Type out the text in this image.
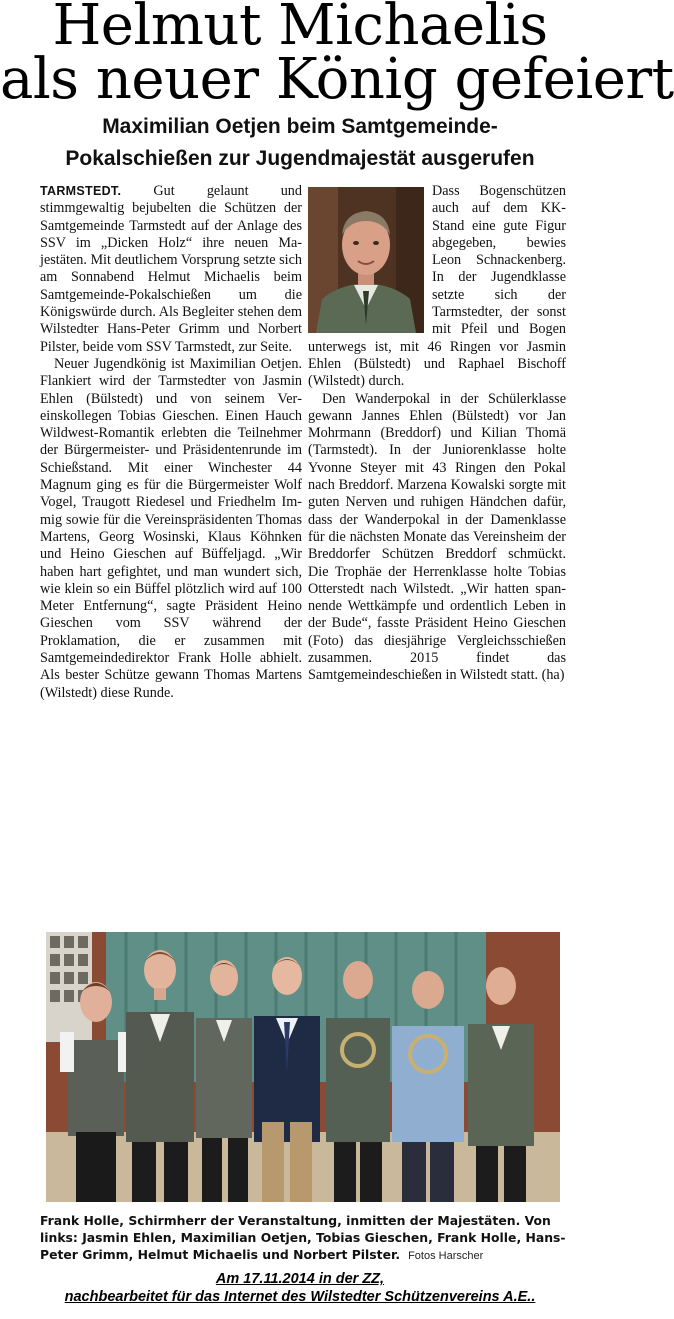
Helmut Michaelis
als neuer König gefeiert
Maximilian Oetjen beim Samtgemeinde-
Pokalschießen zur Jugendmajestät ausgerufen

TARMSTEDT. Gut gelaunt und stimmgewaltig bejubelten die Schützen der Samtgemeinde Tarmstedt auf der Anlage des SSV im „Dicken Holz“ ihre neuen Majestäten. Mit deutlichem Vorsprung setzte sich am Sonnabend Helmut Michaelis beim Samtgemeinde-Pokalschießen um die Königswürde durch. Als Begleiter stehen dem Wilstedter Hans-Peter Grimm und Norbert Pilster, beide vom SSV Tarmstedt, zur Seite.

Neuer Jugendkönig ist Maximilian Oetjen. Flankiert wird der Tarmstedter von Jasmin Ehlen (Bülstedt) und von seinem Vereinskollegen Tobias Gieschen. Einen Hauch Wildwest-Romantik erlebten die Teilnehmer der Bürgermeister- und Präsidentenrunde im Schießstand. Mit einer Winchester 44 Magnum ging es für die Bürgermeister Wolf Vogel, Traugott Riedesel und Friedhelm Immig sowie für die Vereinspräsidenten Thomas Martens, Georg Wosinski, Klaus Köhnken und Heino Gieschen auf Büffeljagd. „Wir haben hart gefightet, und man wundert sich, wie klein so ein Büffel plötzlich wird auf 100 Meter Entfernung“, sagte Präsident Heino Gieschen vom SSV während der Proklamation, die er zusammen mit Samtgemeindedirektor Frank Holle abhielt. Als bester Schütze gewann Thomas Martens (Wilstedt) diese Runde.

Dass Bogenschützen auch auf dem KK-Stand eine gute Figur abgegeben, bewies Leon Schnackenberg. In der Jugendklasse setzte sich der Tarmstedter, der sonst mit Pfeil und Bogen unterwegs ist, mit 46 Ringen vor Jasmin Ehlen (Bülstedt) und Raphael Bischoff (Wilstedt) durch.

Den Wanderpokal in der Schülerklasse gewann Jannes Ehlen (Bülstedt) vor Jan Mohrmann (Breddorf) und Kilian Thomä (Tarmstedt). In der Juniorenklasse holte Yvonne Steyer mit 43 Ringen den Pokal nach Breddorf. Marzena Kowalski sorgte mit guten Nerven und ruhigen Händchen dafür, dass der Wanderpokal in der Damenklasse für die nächsten Monate das Vereinsheim der Breddorfer Schützen Breddorf schmückt. Die Trophäe der Herrenklasse holte Tobias Otterstedt nach Wilstedt. „Wir hatten spannende Wettkämpfe und ordentlich Leben in der Bude“, fasste Präsident Heino Gieschen (Foto) das diesjährige Vergleichsschießen zusammen. 2015 findet das Samtgemeindeschießen in Wilstedt statt. (ha)

Frank Holle, Schirmherr der Veranstaltung, inmitten der Majestäten. Von links: Jasmin Ehlen, Maximilian Oetjen, Tobias Gieschen, Frank Holle, Hans-Peter Grimm, Helmut Michaelis und Norbert Pilster. Fotos Harscher

Am 17.11.2014 in der ZZ,

nachbearbeitet für das Internet des Wilstedter Schützenvereins A.E..
